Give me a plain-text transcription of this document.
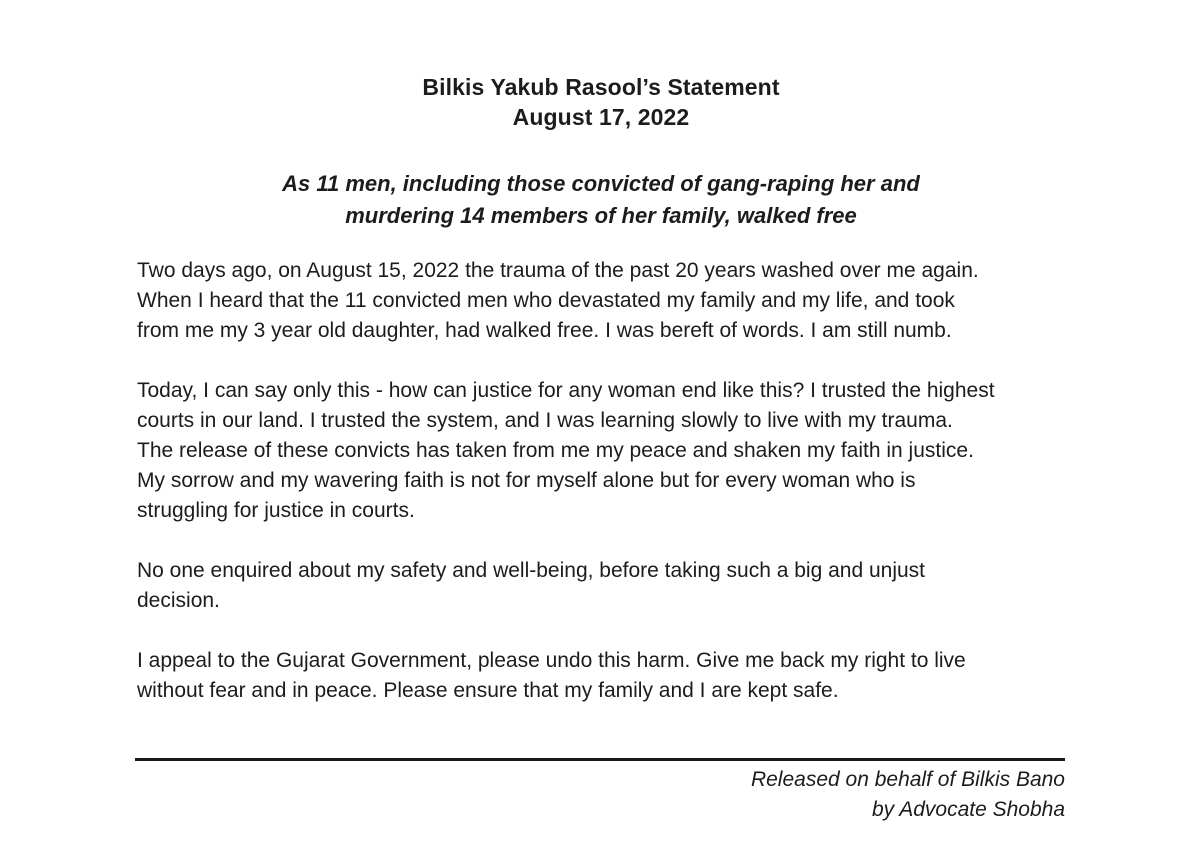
Bilkis Yakub Rasool’s Statement
August 17, 2022
As 11 men, including those convicted of gang-raping her and
murdering 14 members of her family, walked free

Two days ago, on August 15, 2022 the trauma of the past 20 years washed over me again.
When I heard that the 11 convicted men who devastated my family and my life, and took
from me my 3 year old daughter, had walked free. I was bereft of words. I am still numb.

Today, I can say only this - how can justice for any woman end like this? I trusted the highest
courts in our land. I trusted the system, and I was learning slowly to live with my trauma.
The release of these convicts has taken from me my peace and shaken my faith in justice.
My sorrow and my wavering faith is not for myself alone but for every woman who is
struggling for justice in courts.

No one enquired about my safety and well-being, before taking such a big and unjust
decision.

I appeal to the Gujarat Government, please undo this harm. Give me back my right to live
without fear and in peace. Please ensure that my family and I are kept safe.

Released on behalf of Bilkis Bano
by Advocate Shobha
